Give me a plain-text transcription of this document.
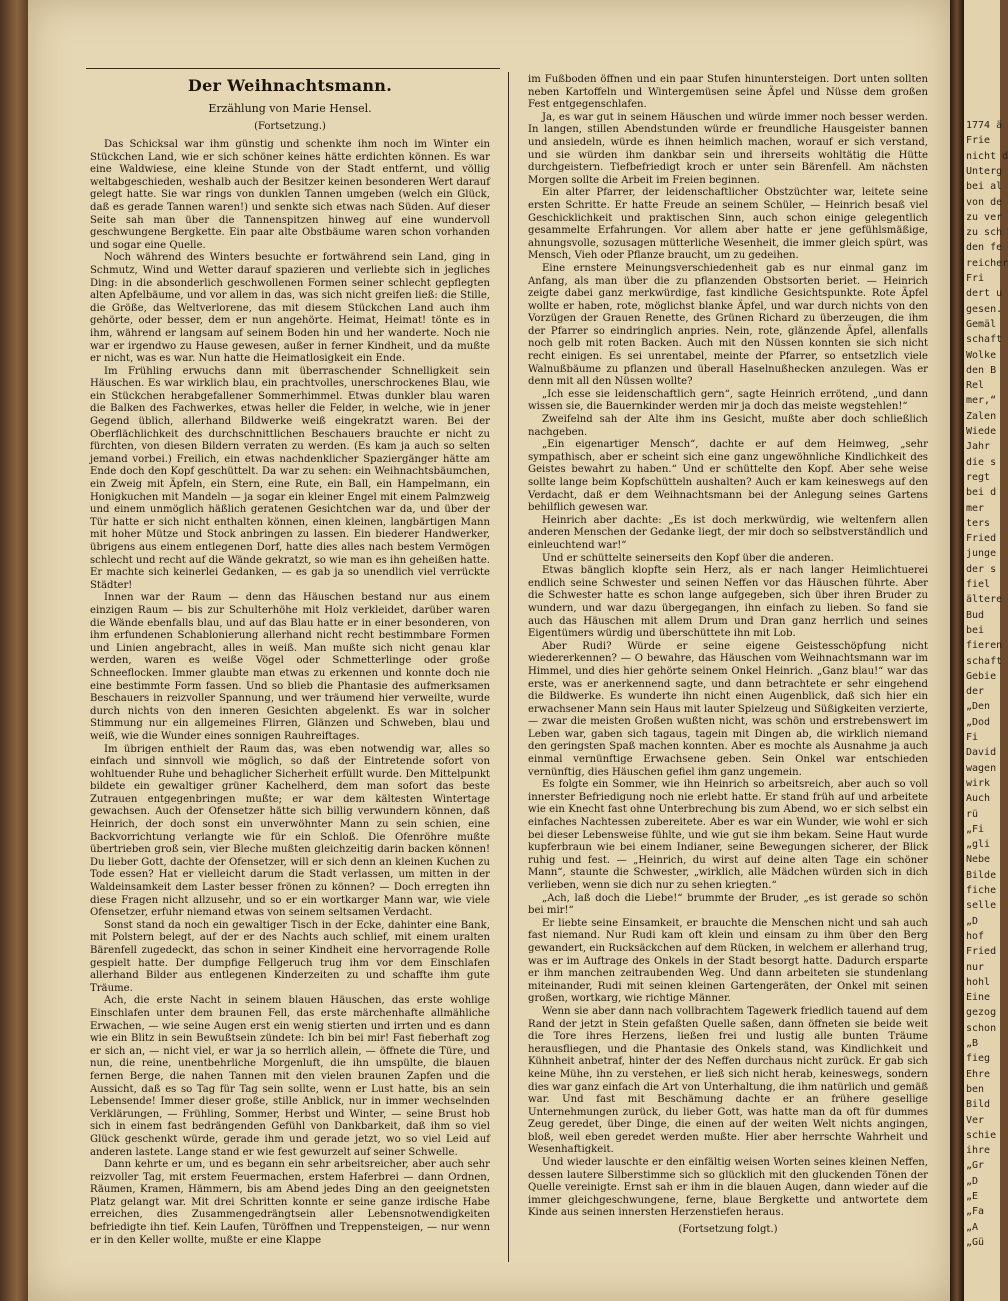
Der Weihnachtsmann.
Erzählung von Marie Hensel.
(Fortsetzung.)

Das Schicksal war ihm günstig und schenkte ihm noch im Winter ein Stückchen Land, wie er sich schöner keines hätte erdichten können. Es war eine Waldwiese, eine kleine Stunde von der Stadt entfernt, und völlig weltabgeschieden, weshalb auch der Besitzer keinen besonderen Wert darauf gelegt hatte. Sie war rings von dunklen Tannen umgeben (welch ein Glück, daß es gerade Tannen waren!) und senkte sich etwas nach Süden. Auf dieser Seite sah man über die Tannenspitzen hinweg auf eine wundervoll geschwungene Bergkette. Ein paar alte Obstbäume waren schon vorhanden und sogar eine Quelle.

Noch während des Winters besuchte er fortwährend sein Land, ging in Schmutz, Wind und Wetter darauf spazieren und verliebte sich in jegliches Ding: in die absonderlich geschwollenen Formen seiner schlecht gepflegten alten Apfelbäume, und vor allem in das, was sich nicht greifen ließ: die Stille, die Größe, das Weltverlorene, das mit diesem Stückchen Land auch ihm gehörte, oder besser, dem er nun angehörte. Heimat, Heimat! tönte es in ihm, während er langsam auf seinem Boden hin und her wanderte. Noch nie war er irgendwo zu Hause gewesen, außer in ferner Kindheit, und da mußte er nicht, was es war. Nun hatte die Heimatlosigkeit ein Ende.

Im Frühling erwuchs dann mit überraschender Schnelligkeit sein Häuschen. Es war wirklich blau, ein prachtvolles, unerschrockenes Blau, wie ein Stückchen herabgefallener Sommerhimmel. Etwas dunkler blau waren die Balken des Fachwerkes, etwas heller die Felder, in welche, wie in jener Gegend üblich, allerhand Bildwerke weiß eingekratzt waren. Bei der Oberflächlichkeit des durchschnittlichen Beschauers brauchte er nicht zu fürchten, von diesen Bildern verraten zu werden. (Es kam ja auch so selten jemand vorbei.) Freilich, ein etwas nachdenklicher Spaziergänger hätte am Ende doch den Kopf geschüttelt. Da war zu sehen: ein Weihnachtsbäumchen, ein Zweig mit Äpfeln, ein Stern, eine Rute, ein Ball, ein Hampelmann, ein Honigkuchen mit Mandeln — ja sogar ein kleiner Engel mit einem Palmzweig und einem unmöglich häßlich geratenen Gesichtchen war da, und über der Tür hatte er sich nicht enthalten können, einen kleinen, langbärtigen Mann mit hoher Mütze und Stock anbringen zu lassen. Ein biederer Handwerker, übrigens aus einem entlegenen Dorf, hatte dies alles nach bestem Vermögen schlecht und recht auf die Wände gekratzt, so wie man es ihn geheißen hatte. Er machte sich keinerlei Gedanken, — es gab ja so unendlich viel verrückte Städter!

Innen war der Raum — denn das Häuschen bestand nur aus einem einzigen Raum — bis zur Schulterhöhe mit Holz verkleidet, darüber waren die Wände ebenfalls blau, und auf das Blau hatte er in einer besonderen, von ihm erfundenen Schablonierung allerhand nicht recht bestimmbare Formen und Linien angebracht, alles in weiß. Man mußte sich nicht genau klar werden, waren es weiße Vögel oder Schmetterlinge oder große Schneeflocken. Immer glaubte man etwas zu erkennen und konnte doch nie eine bestimmte Form fassen. Und so blieb die Phantasie des aufmerksamen Beschauers in reizvoller Spannung, und wer träumend hier verweilte, wurde durch nichts von den inneren Gesichten abgelenkt. Es war in solcher Stimmung nur ein allgemeines Flirren, Glänzen und Schweben, blau und weiß, wie die Wunder eines sonnigen Rauhreiftages.

Im übrigen enthielt der Raum das, was eben notwendig war, alles so einfach und sinnvoll wie möglich, so daß der Eintretende sofort von wohltuender Ruhe und behaglicher Sicherheit erfüllt wurde. Den Mittelpunkt bildete ein gewaltiger grüner Kachelherd, dem man sofort das beste Zutrauen entgegenbringen mußte; er war dem kältesten Wintertage gewachsen. Auch der Ofensetzer hätte sich billig verwundern können, daß Heinrich, der doch sonst ein unverwöhnter Mann zu sein schien, eine Backvorrichtung verlangte wie für ein Schloß. Die Ofenröhre mußte übertrieben groß sein, vier Bleche mußten gleichzeitig darin backen können! Du lieber Gott, dachte der Ofensetzer, will er sich denn an kleinen Kuchen zu Tode essen? Hat er vielleicht darum die Stadt verlassen, um mitten in der Waldeinsamkeit dem Laster besser frönen zu können? — Doch erregten ihn diese Fragen nicht allzusehr, und so er ein wortkarger Mann war, wie viele Ofensetzer, erfuhr niemand etwas von seinem seltsamen Verdacht.

Sonst stand da noch ein gewaltiger Tisch in der Ecke, dahinter eine Bank, mit Polstern belegt, auf der er des Nachts auch schlief, mit einem uralten Bärenfell zugedeckt, das schon in seiner Kindheit eine hervorragende Rolle gespielt hatte. Der dumpfige Fellgeruch trug ihm vor dem Einschlafen allerhand Bilder aus entlegenen Kinderzeiten zu und schaffte ihm gute Träume.

Ach, die erste Nacht in seinem blauen Häuschen, das erste wohlige Einschlafen unter dem braunen Fell, das erste märchenhafte allmähliche Erwachen, — wie seine Augen erst ein wenig stierten und irrten und es dann wie ein Blitz in sein Bewußtsein zündete: Ich bin bei mir! Fast fieberhaft zog er sich an, — nicht viel, er war ja so herrlich allein, — öffnete die Türe, und nun, die reine, unentbehrliche Morgenluft, die ihn umspülte, die blauen fernen Berge, die nahen Tannen mit den vielen braunen Zapfen und die Aussicht, daß es so Tag für Tag sein sollte, wenn er Lust hatte, bis an sein Lebensende! Immer dieser große, stille Anblick, nur in immer wechselnden Verklärungen, — Frühling, Sommer, Herbst und Winter, — seine Brust hob sich in einem fast bedrängenden Gefühl von Dankbarkeit, daß ihm so viel Glück geschenkt würde, gerade ihm und gerade jetzt, wo so viel Leid auf anderen lastete. Lange stand er wie fest gewurzelt auf seiner Schwelle.

Dann kehrte er um, und es begann ein sehr arbeitsreicher, aber auch sehr reizvoller Tag, mit erstem Feuermachen, erstem Haferbrei — dann Ordnen, Räumen, Kramen, Hämmern, bis am Abend jedes Ding an den geeignetsten Platz gelangt war. Mit drei Schritten konnte er seine ganze irdische Habe erreichen, dies Zusammengedrängtsein aller Lebensnotwendigkeiten befriedigte ihn tief. Kein Laufen, Türöffnen und Treppensteigen, — nur wenn er in den Keller wollte, mußte er eine Klappe

im Fußboden öffnen und ein paar Stufen hinuntersteigen. Dort unten sollten neben Kartoffeln und Wintergemüsen seine Äpfel und Nüsse dem großen Fest entgegenschlafen.

Ja, es war gut in seinem Häuschen und würde immer noch besser werden. In langen, stillen Abendstunden würde er freundliche Hausgeister bannen und ansiedeln, würde es ihnen heimlich machen, worauf er sich verstand, und sie würden ihm dankbar sein und ihrerseits wohltätig die Hütte durchgeistern. Tiefbefriedigt kroch er unter sein Bärenfell. Am nächsten Morgen sollte die Arbeit im Freien beginnen.

Ein alter Pfarrer, der leidenschaftlicher Obstzüchter war, leitete seine ersten Schritte. Er hatte Freude an seinem Schüler, — Heinrich besaß viel Geschicklichkeit und praktischen Sinn, auch schon einige gelegentlich gesammelte Erfahrungen. Vor allem aber hatte er jene gefühlsmäßige, ahnungsvolle, sozusagen mütterliche Wesenheit, die immer gleich spürt, was Mensch, Vieh oder Pflanze braucht, um zu gedeihen.

Eine ernstere Meinungsverschiedenheit gab es nur einmal ganz im Anfang, als man über die zu pflanzenden Obstsorten beriet. — Heinrich zeigte dabei ganz merkwürdige, fast kindliche Gesichtspunkte. Rote Äpfel wollte er haben, rote, möglichst blanke Äpfel, und war durch nichts von den Vorzügen der Grauen Renette, des Grünen Richard zu überzeugen, die ihm der Pfarrer so eindringlich anpries. Nein, rote, glänzende Äpfel, allenfalls noch gelb mit roten Backen. Auch mit den Nüssen konnten sie sich nicht recht einigen. Es sei unrentabel, meinte der Pfarrer, so entsetzlich viele Walnußbäume zu pflanzen und überall Haselnußhecken anzulegen. Was er denn mit all den Nüssen wollte?

„Ich esse sie leidenschaftlich gern“, sagte Heinrich errötend, „und dann wissen sie, die Bauernkinder werden mir ja doch das meiste wegstehlen!“

Zweifelnd sah der Alte ihm ins Gesicht, mußte aber doch schließlich nachgeben.

„Ein eigenartiger Mensch“, dachte er auf dem Heimweg, „sehr sympathisch, aber er scheint sich eine ganz ungewöhnliche Kindlichkeit des Geistes bewahrt zu haben.“ Und er schüttelte den Kopf. Aber sehe weise sollte lange beim Kopfschütteln aushalten? Auch er kam keineswegs auf den Verdacht, daß er dem Weihnachtsmann bei der Anlegung seines Gartens behilflich gewesen war.

Heinrich aber dachte: „Es ist doch merkwürdig, wie weltenfern allen anderen Menschen der Gedanke liegt, der mir doch so selbstverständlich und einleuchtend war!“

Und er schüttelte seinerseits den Kopf über die anderen.

Etwas bänglich klopfte sein Herz, als er nach langer Heimlichtuerei endlich seine Schwester und seinen Neffen vor das Häuschen führte. Aber die Schwester hatte es schon lange aufgegeben, sich über ihren Bruder zu wundern, und war dazu übergegangen, ihn einfach zu lieben. So fand sie auch das Häuschen mit allem Drum und Dran ganz herrlich und seines Eigentümers würdig und überschüttete ihn mit Lob.

Aber Rudi? Würde er seine eigene Geistesschöpfung nicht wiedererkennen? — O bewahre, das Häuschen vom Weihnachtsmann war im Himmel, und dies hier gehörte seinem Onkel Heinrich. „Ganz blau!“ war das erste, was er anerkennend sagte, und dann betrachtete er sehr eingehend die Bildwerke. Es wunderte ihn nicht einen Augenblick, daß sich hier ein erwachsener Mann sein Haus mit lauter Spielzeug und Süßigkeiten verzierte, — zwar die meisten Großen wußten nicht, was schön und erstrebenswert im Leben war, gaben sich tagaus, tagein mit Dingen ab, die wirklich niemand den geringsten Spaß machen konnten. Aber es mochte als Ausnahme ja auch einmal vernünftige Erwachsene geben. Sein Onkel war entschieden vernünftig, dies Häuschen gefiel ihm ganz ungemein.

Es folgte ein Sommer, wie ihn Heinrich so arbeitsreich, aber auch so voll innerster Befriedigung noch nie erlebt hatte. Er stand früh auf und arbeitete wie ein Knecht fast ohne Unterbrechung bis zum Abend, wo er sich selbst ein einfaches Nachtessen zubereitete. Aber es war ein Wunder, wie wohl er sich bei dieser Lebensweise fühlte, und wie gut sie ihm bekam. Seine Haut wurde kupferbraun wie bei einem Indianer, seine Bewegungen sicherer, der Blick ruhig und fest. — „Heinrich, du wirst auf deine alten Tage ein schöner Mann“, staunte die Schwester, „wirklich, alle Mädchen würden sich in dich verlieben, wenn sie dich nur zu sehen kriegten.“

„Ach, laß doch die Liebe!“ brummte der Bruder, „es ist gerade so schön bei mir!“

Er liebte seine Einsamkeit, er brauchte die Menschen nicht und sah auch fast niemand. Nur Rudi kam oft klein und einsam zu ihm über den Berg gewandert, ein Rucksäckchen auf dem Rücken, in welchem er allerhand trug, was er im Auftrage des Onkels in der Stadt besorgt hatte. Dadurch ersparte er ihm manchen zeitraubenden Weg. Und dann arbeiteten sie stundenlang miteinander, Rudi mit seinen kleinen Gartengeräten, der Onkel mit seinen großen, wortkarg, wie richtige Männer.

Wenn sie aber dann nach vollbrachtem Tagewerk friedlich tauend auf dem Rand der jetzt in Stein gefaßten Quelle saßen, dann öffneten sie beide weit die Tore ihres Herzens, ließen frei und lustig alle bunten Träume herausfliegen, und die Phantasie des Onkels stand, was Kindlichkeit und Kühnheit anbetraf, hinter der des Neffen durchaus nicht zurück. Er gab sich keine Mühe, ihn zu verstehen, er ließ sich nicht herab, keineswegs, sondern dies war ganz einfach die Art von Unterhaltung, die ihm natürlich und gemäß war. Und fast mit Beschämung dachte er an frühere gesellige Unternehmungen zurück, du lieber Gott, was hatte man da oft für dummes Zeug geredet, über Dinge, die einen auf der weiten Welt nichts angingen, bloß, weil eben geredet werden mußte. Hier aber herrschte Wahrheit und Wesenhaftigkeit.

Und wieder lauschte er den einfältig weisen Worten seines kleinen Neffen, dessen lautere Silberstimme sich so glücklich mit den gluckenden Tönen der Quelle vereinigte. Ernst sah er ihm in die blauen Augen, dann wieder auf die immer gleichgeschwungene, ferne, blaue Bergkette und antwortete dem Kinde aus seinen innersten Herzenstiefen heraus.

(Fortsetzung folgt.)

1774 ä
Frie
nicht d
Unterg
bei al
von de
zu ver
zu sch
den fe
reicher
Fri
dert u
gesen.
Gemäl
schaft
Wolke
den B
Rel
mer,“
Zalen
Wiede
Jahr
die s
regt
bei d
mer
ters
Fried
junge
der s
fiel
ältere
Bud
bei
fieren
schaft
Gebie
der
„Den
„Dod
Fi
David
wagen
wirk
Auch
rü
„Fi
„gli
Nebe
Bilde
fiche
selle
„D
hof
Fried
nur
hohl
Eine
gezog
schon
„B
fieg
Ehre
ben
Bild
Ver
schie
ihre
„Gr
„D
„E
„Fa
„A
„Gü
